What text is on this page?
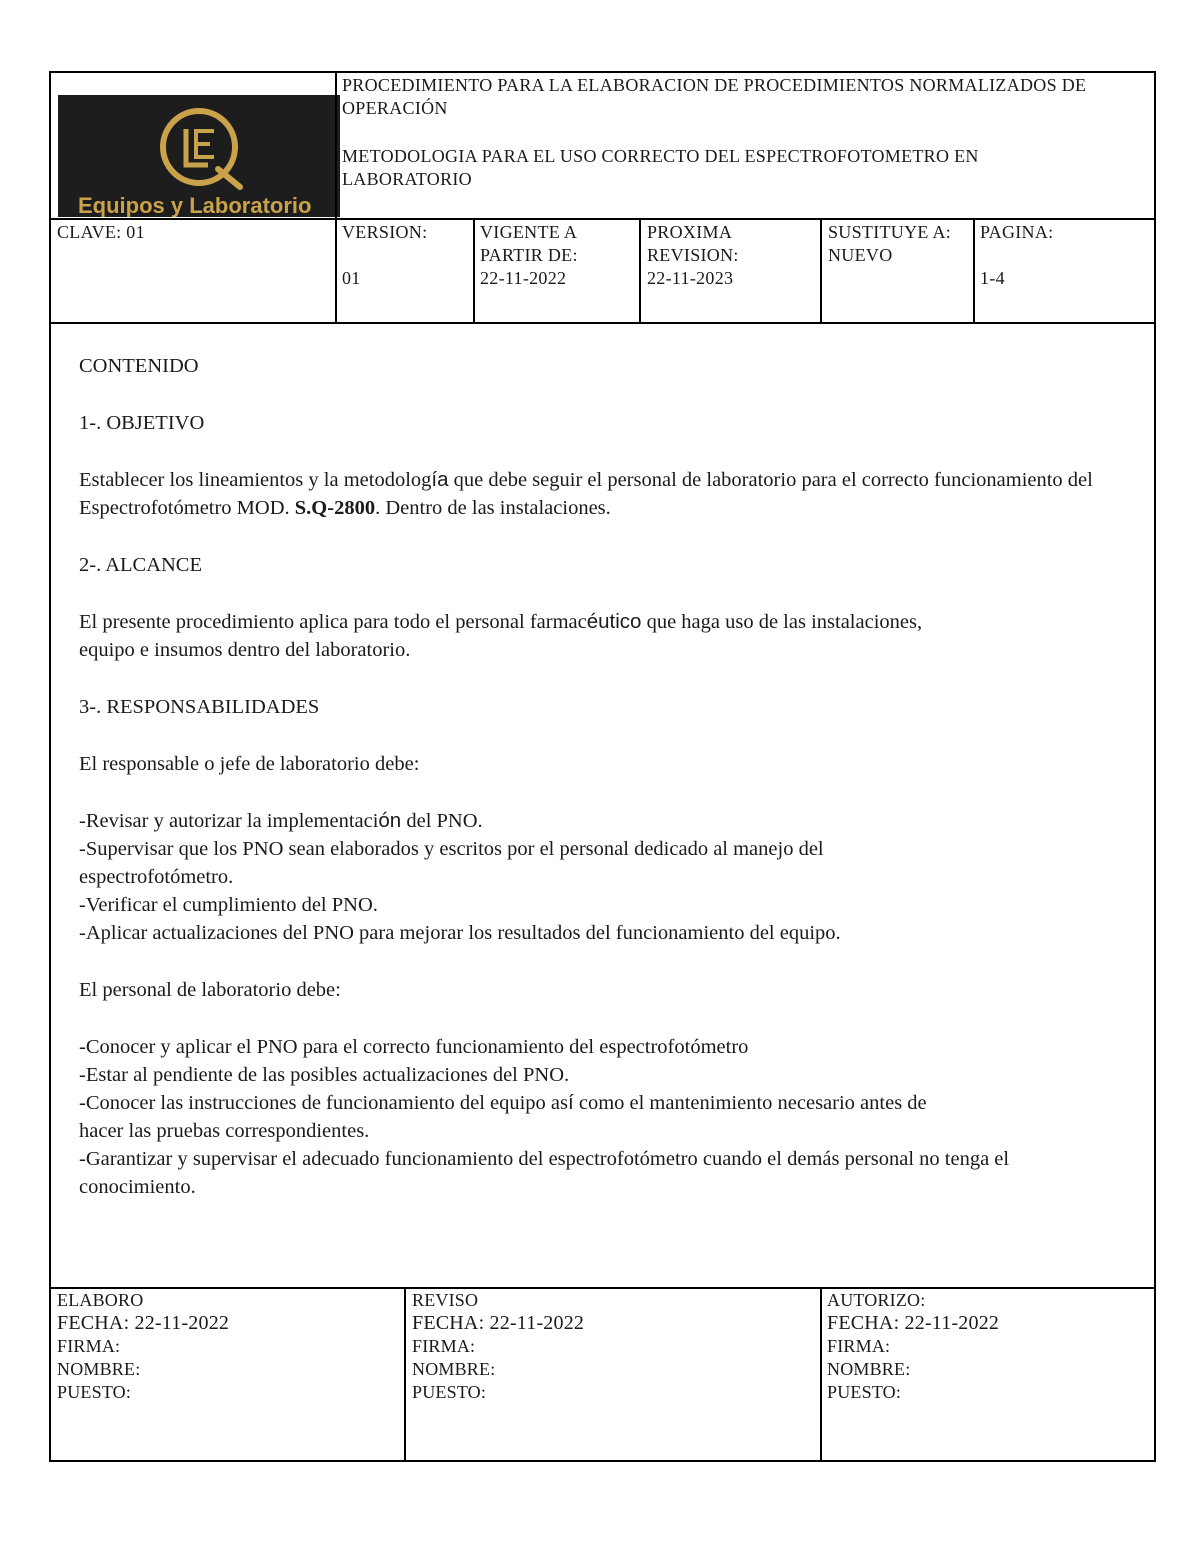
Equipos y Laboratorio
PROCEDIMIENTO PARA LA ELABORACION DE PROCEDIMIENTOS NORMALIZADOS DE OPERACIÓN
METODOLOGIA PARA EL USO CORRECTO DEL ESPECTROFOTOMETRO EN LABORATORIO
CLAVE: 01	VERSION:
01
VIGENTE A PARTIR DE:
22-11-2022
PROXIMA REVISION:
22-11-2023
SUSTITUYE A:
NUEVO
PAGINA:
1-4

CONTENIDO

1-. OBJETIVO

Establecer los lineamientos y la metodología que debe seguir el personal de laboratorio para el correcto funcionamiento del Espectrofotómetro MOD. S.Q-2800. Dentro de las instalaciones.

2-. ALCANCE

El presente procedimiento aplica para todo el personal farmacéutico que haga uso de las instalaciones,
equipo e insumos dentro del laboratorio.

3-. RESPONSABILIDADES

El responsable o jefe de laboratorio debe:

-Revisar y autorizar la implementación del PNO.

-Supervisar que los PNO sean elaborados y escritos por el personal dedicado al manejo del espectrofotómetro.

-Verificar el cumplimiento del PNO.

-Aplicar actualizaciones del PNO para mejorar los resultados del funcionamiento del equipo.

El personal de laboratorio debe:

-Conocer y aplicar el PNO para el correcto funcionamiento del espectrofotómetro

-Estar al pendiente de las posibles actualizaciones del PNO.

-Conocer las instrucciones de funcionamiento del equipo así como el mantenimiento necesario antes de
hacer las pruebas correspondientes.

-Garantizar y supervisar el adecuado funcionamiento del espectrofotómetro cuando el demás personal no tenga el conocimiento.

ELABORO
FECHA: 22-11-2022
FIRMA:
NOMBRE:
PUESTO:
REVISO
FECHA: 22-11-2022
FIRMA:
NOMBRE:
PUESTO:
AUTORIZO:
FECHA: 22-11-2022
FIRMA:
NOMBRE:
PUESTO:
